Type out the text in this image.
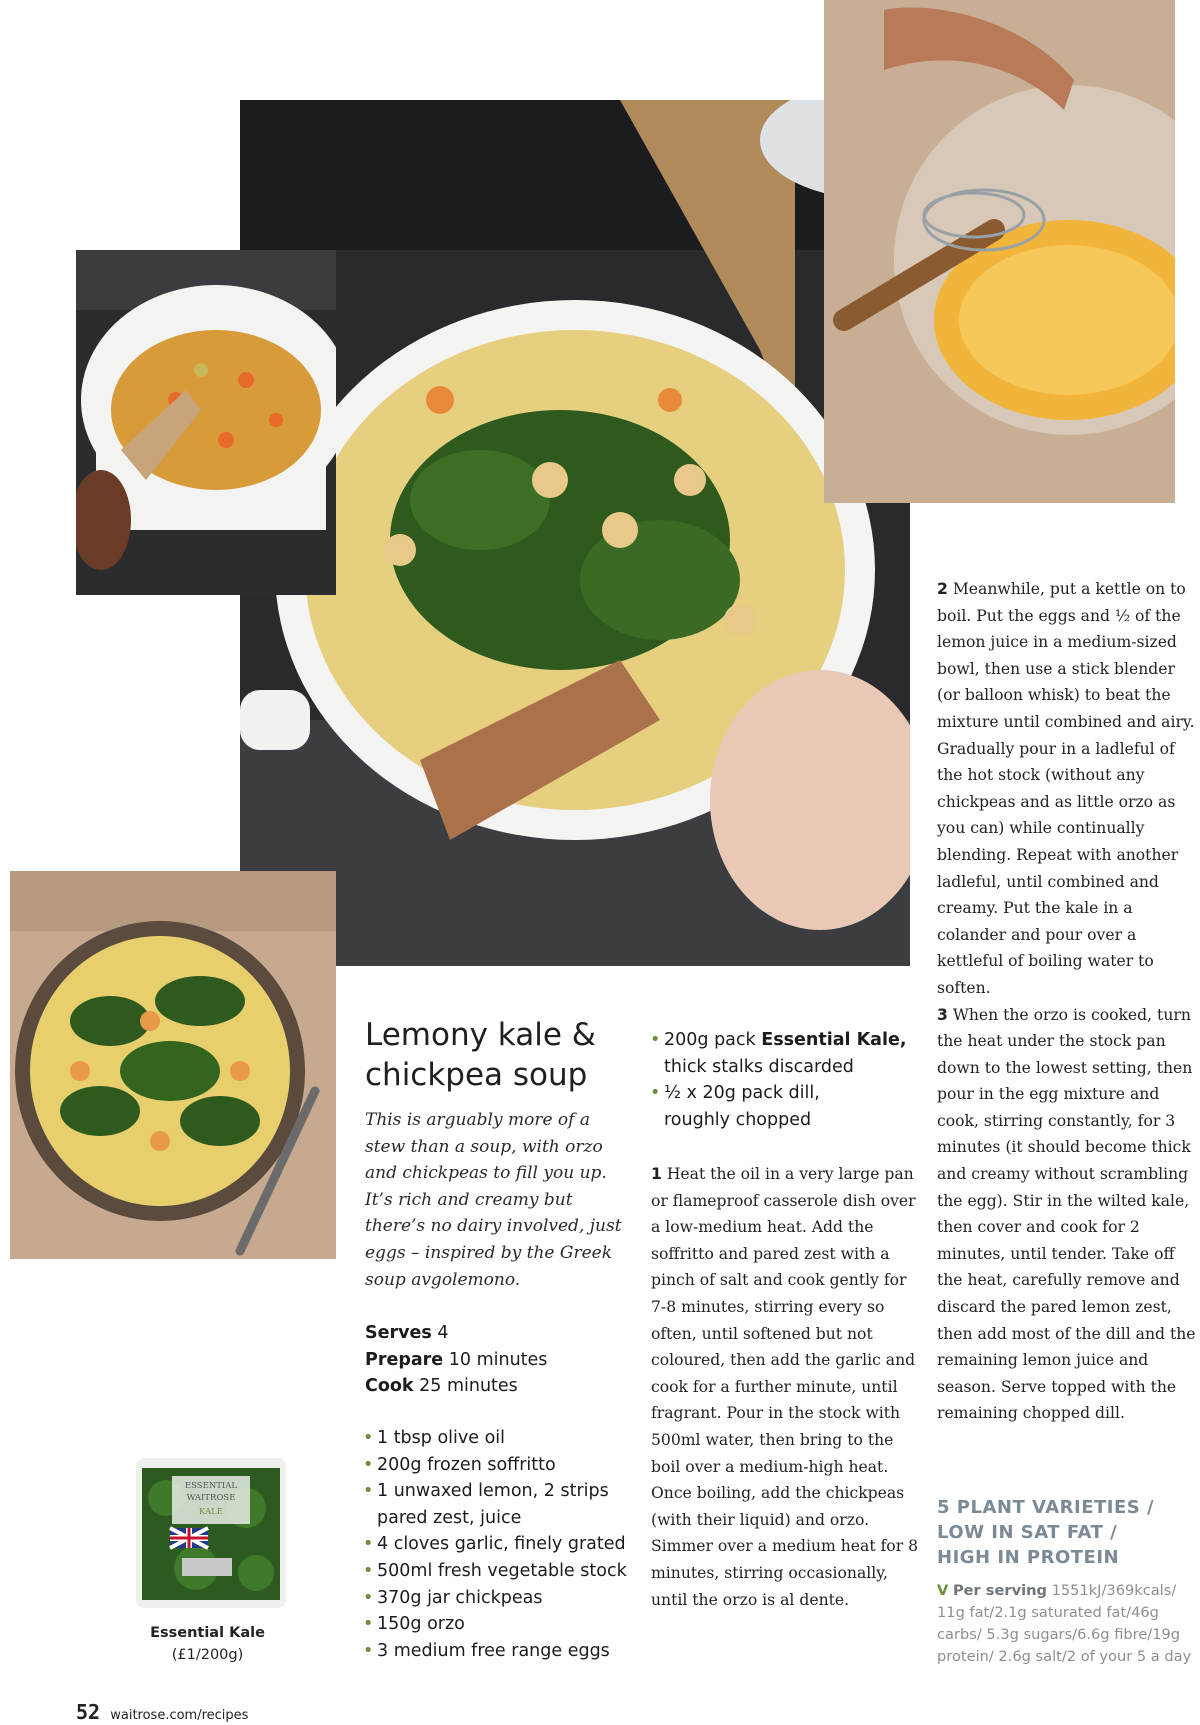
ESSENTIAL
WAITROSE
KALE
Lemony kale &
chickpea soup

This is arguably more of a stew than a soup, with orzo and chickpeas to fill you up. It’s rich and creamy but there’s no dairy involved, just eggs – inspired by the Greek soup avgolemono.

Serves 4
Prepare 10 minutes
Cook 25 minutes
• 1 tbsp olive oil
• 200g frozen soffritto
• 1 unwaxed lemon, 2 strips
pared zest, juice
• 4 cloves garlic, finely grated
• 500ml fresh vegetable stock
• 370g jar chickpeas
• 150g orzo
• 3 medium free range eggs
• 200g pack Essential Kale,
thick stalks discarded
• ½ x 20g pack dill,
roughly chopped

1 Heat the oil in a very large pan or flameproof casserole dish over a low-medium heat. Add the soffritto and pared zest with a pinch of salt and cook gently for 7-8 minutes, stirring every so often, until softened but not coloured, then add the garlic and cook for a further minute, until fragrant. Pour in the stock with 500ml water, then bring to the boil over a medium-high heat. Once boiling, add the chickpeas (with their liquid) and orzo. Simmer over a medium heat for 8 minutes, stirring occasionally, until the orzo is al dente.

2 Meanwhile, put a kettle on to boil. Put the eggs and ½ of the lemon juice in a medium-sized bowl, then use a stick blender (or balloon whisk) to beat the mixture until combined and airy. Gradually pour in a ladleful of the hot stock (without any chickpeas and as little orzo as you can) while continually blending. Repeat with another ladleful, until combined and creamy. Put the kale in a colander and pour over a kettleful of boiling water to soften.

3 When the orzo is cooked, turn the heat under the stock pan down to the lowest setting, then pour in the egg mixture and cook, stirring constantly, for 3 minutes (it should become thick and creamy without scrambling the egg). Stir in the wilted kale, then cover and cook for 2 minutes, until tender. Take off the heat, carefully remove and discard the pared lemon zest, then add most of the dill and the remaining lemon juice and season. Serve topped with the remaining chopped dill.

5 PLANT VARIETIES /
LOW IN SAT FAT /
HIGH IN PROTEIN
V Per serving 1551kJ/369kcals/ 11g fat/2.1g saturated fat/46g carbs/ 5.3g sugars/6.6g fibre/19g protein/ 2.6g salt/2 of your 5 a day
Essential Kale
(£1/200g)
52 waitrose.com/recipes
